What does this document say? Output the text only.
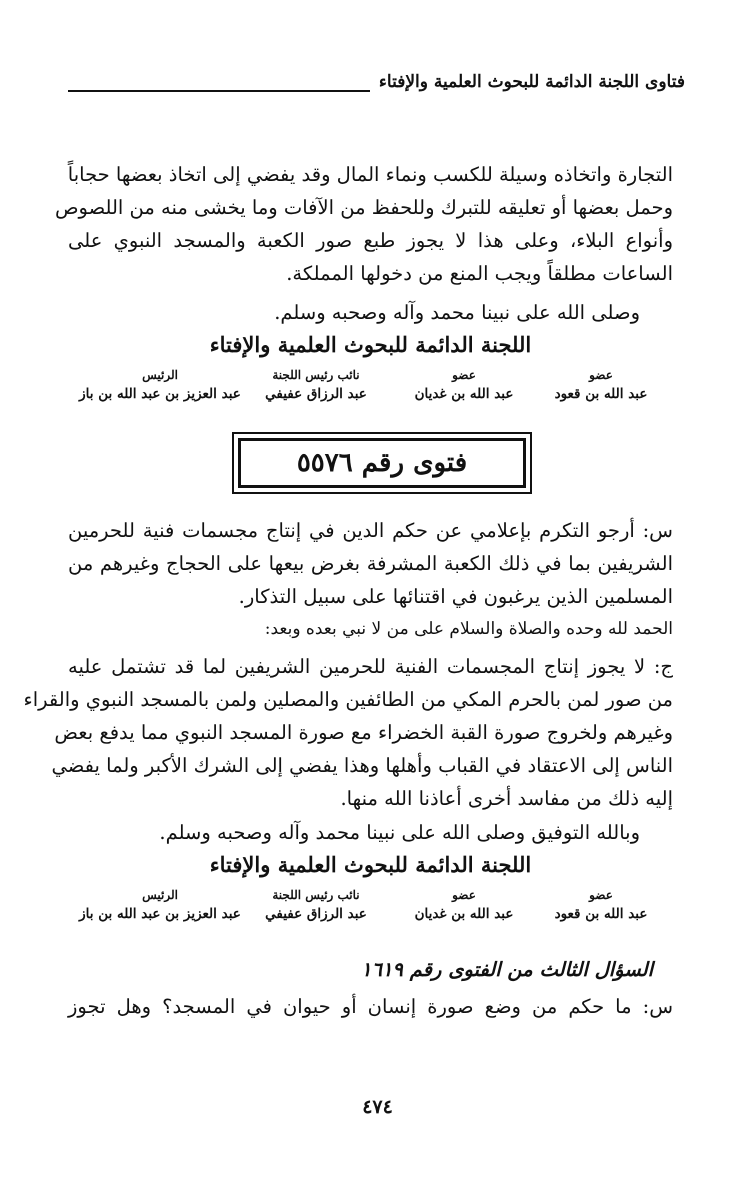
فتاوى اللجنة الدائمة للبحوث العلمية والإفتاء
التجارة واتخاذه وسيلة للكسب ونماء المال وقد يفضي إلى اتخاذ بعضها حجاباً
وحمل بعضها أو تعليقه للتبرك وللحفظ من الآفات وما يخشى منه من اللصوص
وأنواع البلاء، وعلى هذا لا يجوز طبع صور الكعبة والمسجد النبوي على
الساعات مطلقاً ويجب المنع من دخولها المملكة.
وصلى الله على نبينا محمد وآله وصحبه وسلم.
اللجنة الدائمة للبحوث العلمية والإفتاء
الرئيس
عبد العزيز بن عبد الله بن باز
نائب رئيس اللجنة
عبد الرزاق عفيفي
عضو
عبد الله بن غديان
عضو
عبد الله بن قعود
فتوى رقم ٥٥٧٦
س: أرجو التكرم بإعلامي عن حكم الدين في إنتاج مجسمات فنية للحرمين
الشريفين بما في ذلك الكعبة المشرفة بغرض بيعها على الحجاج وغيرهم من
المسلمين الذين يرغبون في اقتنائها على سبيل التذكار.
الحمد لله وحده والصلاة والسلام على من لا نبي بعده وبعد:
ج: لا يجوز إنتاج المجسمات الفنية للحرمين الشريفين لما قد تشتمل عليه
من صور لمن بالحرم المكي من الطائفين والمصلين ولمن بالمسجد النبوي والقراء
وغيرهم ولخروج صورة القبة الخضراء مع صورة المسجد النبوي مما يدفع بعض
الناس إلى الاعتقاد في القباب وأهلها وهذا يفضي إلى الشرك الأكبر ولما يفضي
إليه ذلك من مفاسد أخرى أعاذنا الله منها.
وبالله التوفيق وصلى الله على نبينا محمد وآله وصحبه وسلم.
اللجنة الدائمة للبحوث العلمية والإفتاء
الرئيس
عبد العزيز بن عبد الله بن باز
نائب رئيس اللجنة
عبد الرزاق عفيفي
عضو
عبد الله بن غديان
عضو
عبد الله بن قعود
السؤال الثالث من الفتوى رقم ١٦١٩
س: ما حكم من وضع صورة إنسان أو حيوان في المسجد؟ وهل تجوز
٤٧٤
